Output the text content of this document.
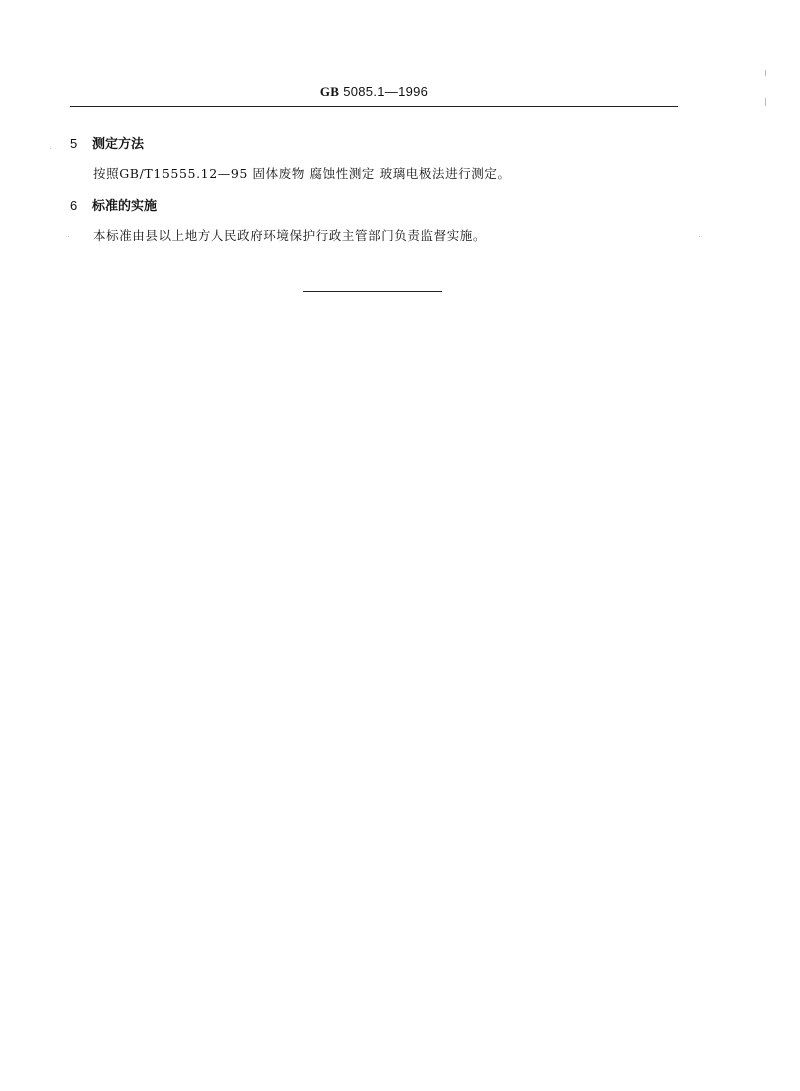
GB 5085.1—1996
5	测定方法
按照GB/T15555.12—95 固体废物 腐蚀性测定 玻璃电极法进行测定。
6	标准的实施
本标准由县以上地方人民政府环境保护行政主管部门负责监督实施。
